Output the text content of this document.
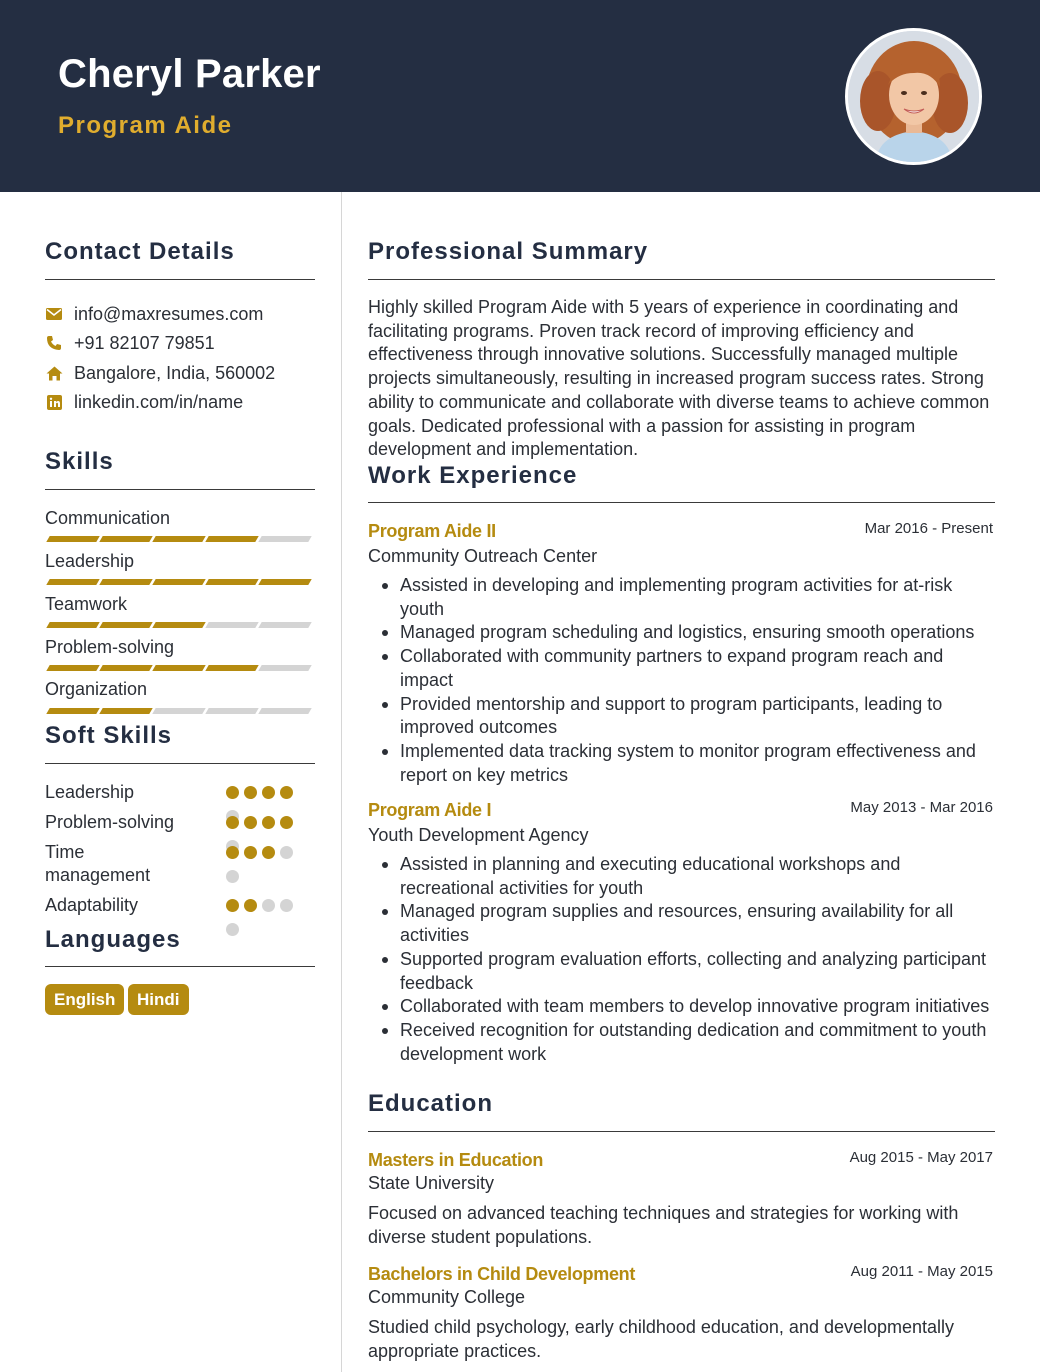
Cheryl Parker
Program Aide
Contact Details
info@maxresumes.com
+91 82107 79851
Bangalore, India, 560002
linkedin.com/in/name
Skills
Communication
Leadership
Teamwork
Problem-solving
Organization
Soft Skills
Leadership
Problem-solving
Time management
Adaptability
Languages
English	Hindi
Professional Summary
Highly skilled Program Aide with 5 years of experience in coordinating and facilitating programs. Proven track record of improving efficiency and effectiveness through innovative solutions. Successfully managed multiple projects simultaneously, resulting in increased program success rates. Strong ability to communicate and collaborate with diverse teams to achieve common goals. Dedicated professional with a passion for assisting in program development and implementation.
Work Experience
Program Aide II	Mar 2016 - Present
Community Outreach Center
Assisted in developing and implementing program activities for at-risk youth
Managed program scheduling and logistics, ensuring smooth operations
Collaborated with community partners to expand program reach and impact
Provided mentorship and support to program participants, leading to improved outcomes
Implemented data tracking system to monitor program effectiveness and report on key metrics
Program Aide I	May 2013 - Mar 2016
Youth Development Agency
Assisted in planning and executing educational workshops and recreational activities for youth
Managed program supplies and resources, ensuring availability for all activities
Supported program evaluation efforts, collecting and analyzing participant feedback
Collaborated with team members to develop innovative program initiatives
Received recognition for outstanding dedication and commitment to youth development work
Education
Masters in Education	Aug 2015 - May 2017
State University
Focused on advanced teaching techniques and strategies for working with diverse student populations.
Bachelors in Child Development	Aug 2011 - May 2015
Community College
Studied child psychology, early childhood education, and developmentally appropriate practices.
